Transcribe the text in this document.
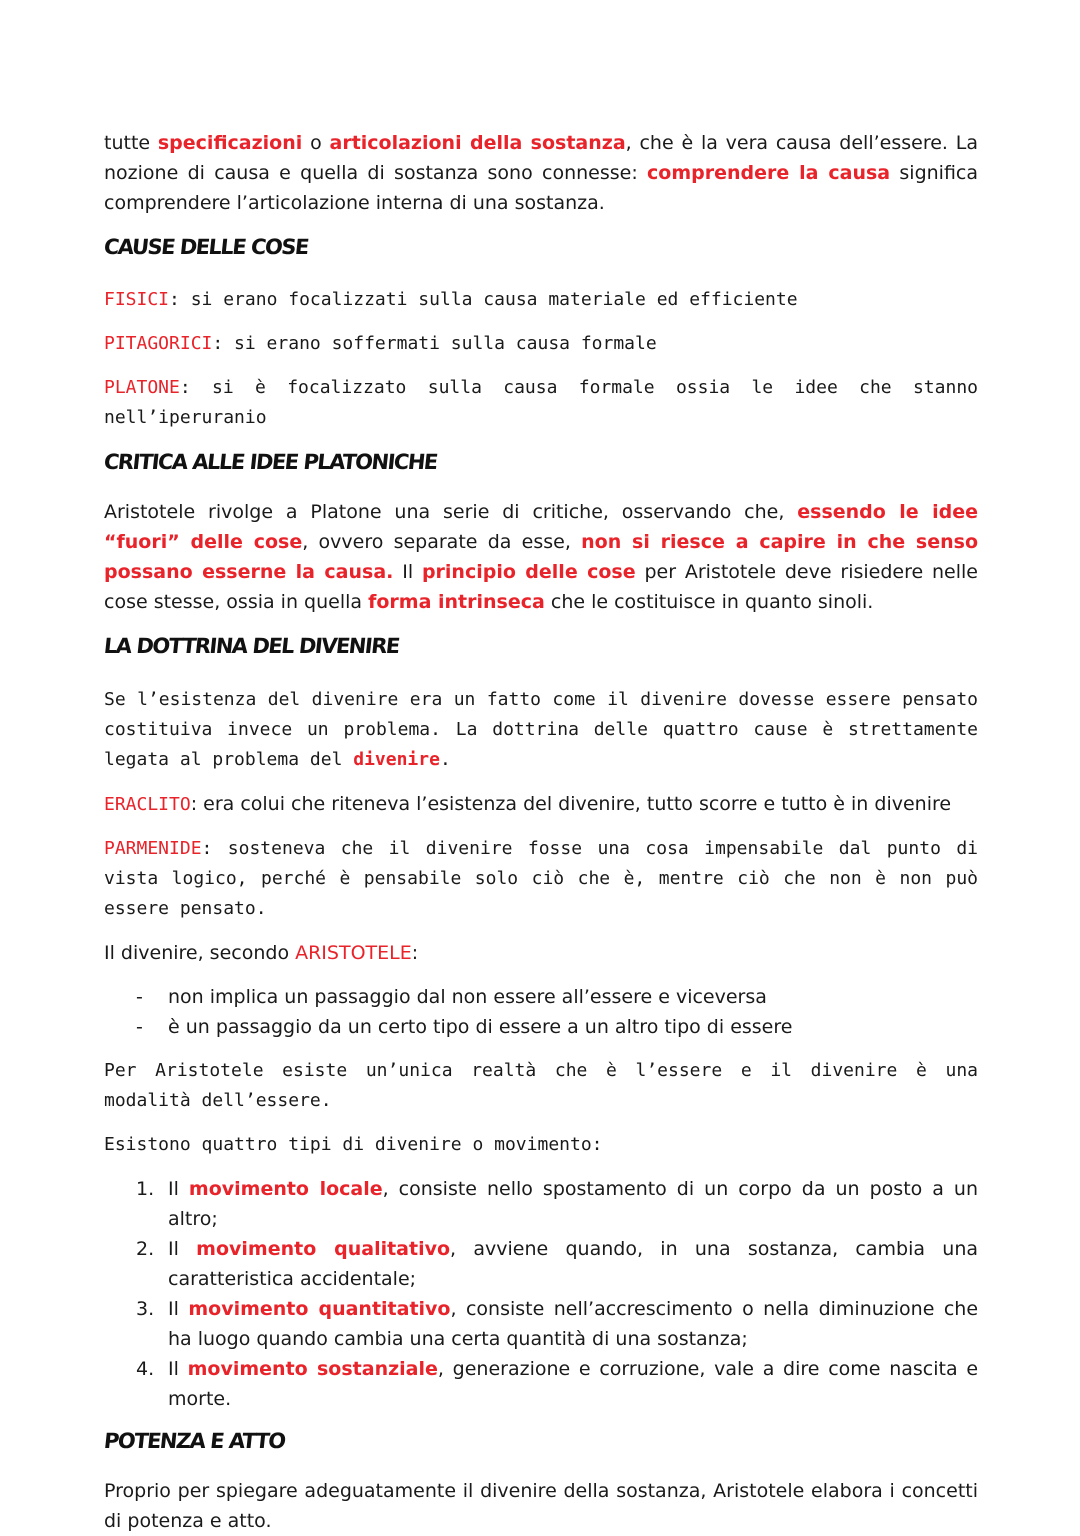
tutte specificazioni o articolazioni della sostanza, che è la vera causa dell’essere. La nozione di causa e quella di sostanza sono connesse: comprendere la causa significa comprendere l’articolazione interna di una sostanza.

CAUSE DELLE COSE

FISICI: si erano focalizzati sulla causa materiale ed efficiente

PITAGORICI: si erano soffermati sulla causa formale

PLATONE: si è focalizzato sulla causa formale ossia le idee che stanno nell’iperuranio

CRITICA ALLE IDEE PLATONICHE

Aristotele rivolge a Platone una serie di critiche, osservando che, essendo le idee “fuori” delle cose, ovvero separate da esse, non si riesce a capire in che senso possano esserne la causa. Il principio delle cose per Aristotele deve risiedere nelle cose stesse, ossia in quella forma intrinseca che le costituisce in quanto sinoli.

LA DOTTRINA DEL DIVENIRE

Se l’esistenza del divenire era un fatto come il divenire dovesse essere pensato costituiva invece un problema. La dottrina delle quattro cause è strettamente legata al problema del divenire.

ERACLITO: era colui che riteneva l’esistenza del divenire, tutto scorre e tutto è in divenire

PARMENIDE: sosteneva che il divenire fosse una cosa impensabile dal punto di vista logico, perché è pensabile solo ciò che è, mentre ciò che non è non può essere pensato.

Il divenire, secondo ARISTOTELE:

- non implica un passaggio dal non essere all’essere e viceversa
- è un passaggio da un certo tipo di essere a un altro tipo di essere

Per Aristotele esiste un’unica realtà che è l’essere e il divenire è una modalità dell’essere.

Esistono quattro tipi di divenire o movimento:

1. Il movimento locale, consiste nello spostamento di un corpo da un posto a un altro;
2. Il movimento qualitativo, avviene quando, in una sostanza, cambia una caratteristica accidentale;
3. Il movimento quantitativo, consiste nell’accrescimento o nella diminuzione che ha luogo quando cambia una certa quantità di una sostanza;
4. Il movimento sostanziale, generazione e corruzione, vale a dire come nascita e morte.
POTENZA E ATTO

Proprio per spiegare adeguatamente il divenire della sostanza, Aristotele elabora i concetti di potenza e atto.
